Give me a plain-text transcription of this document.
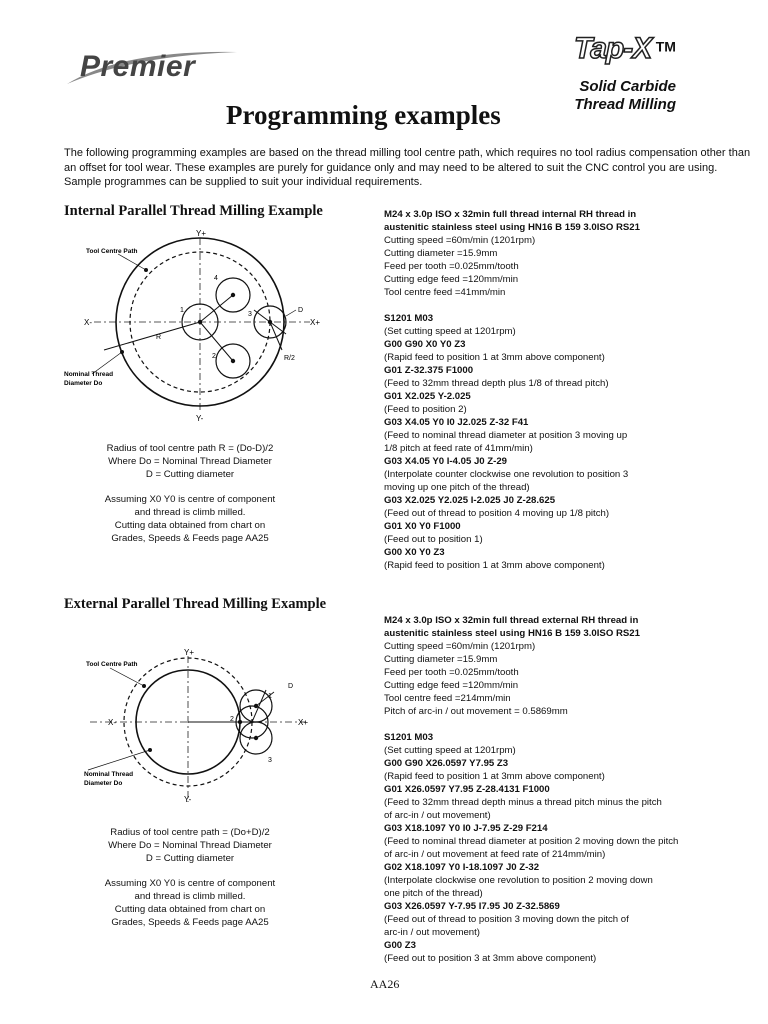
Premier
Tap-X ™
Solid Carbide
Thread Milling
Programming examples
The following programming examples are based on the thread milling tool centre path, which requires no tool radius compensation other than an offset for tool wear. These examples are purely for guidance only and may need to be altered to suit the CNC control you are using. Sample programmes can be supplied to suit your individual requirements.
Internal Parallel Thread Milling Example
Y+
Y-
X-	X+
Tool Centre Path
Nominal Thread
Diameter Do
R
R/2
D
1
2
3
4
Radius of tool centre path R = (Do-D)/2
Where Do = Nominal Thread Diameter
D = Cutting diameter
Assuming X0 Y0 is centre of component
and thread is climb milled.
Cutting data obtained from chart on
Grades, Speeds & Feeds page AA25
M24 x 3.0p ISO x 32min full thread internal RH thread in
austenitic stainless steel using HN16 B 159 3.0ISO RS21
Cutting speed =60m/min (1201rpm)
Cutting diameter =15.9mm
Feed per tooth =0.025mm/tooth
Cutting edge feed =120mm/min
Tool centre feed =41mm/min
S1201 M03
(Set cutting speed at 1201rpm)
G00 G90 X0 Y0 Z3
(Rapid feed to position 1 at 3mm above component)
G01 Z-32.375 F1000
(Feed to 32mm thread depth plus 1/8 of thread pitch)
G01 X2.025 Y-2.025
(Feed to position 2)
G03 X4.05 Y0 I0 J2.025 Z-32 F41
(Feed to nominal thread diameter at position 3 moving up
1/8 pitch at feed rate of 41mm/min)
G03 X4.05 Y0 I-4.05 J0 Z-29
(Interpolate counter clockwise one revolution to position 3
moving up one pitch of the thread)
G03 X2.025 Y2.025 I-2.025 J0 Z-28.625
(Feed out of thread to position 4 moving up 1/8 pitch)
G01 X0 Y0 F1000
(Feed out to position 1)
G00 X0 Y0 Z3
(Rapid feed to position 1 at 3mm above component)
External Parallel Thread Milling Example
Y+
Y-
X-	X+
Tool Centre Path
Nominal Thread
Diameter Do
D
1
2
3
Radius of tool centre path = (Do+D)/2
Where Do = Nominal Thread Diameter
D = Cutting diameter
Assuming X0 Y0 is centre of component
and thread is climb milled.
Cutting data obtained from chart on
Grades, Speeds & Feeds page AA25
M24 x 3.0p ISO x 32min full thread external RH thread in
austenitic stainless steel using HN16 B 159 3.0ISO RS21
Cutting speed =60m/min (1201rpm)
Cutting diameter =15.9mm
Feed per tooth =0.025mm/tooth
Cutting edge feed =120mm/min
Tool centre feed =214mm/min
Pitch of arc-in / out movement = 0.5869mm
S1201 M03
(Set cutting speed at 1201rpm)
G00 G90 X26.0597 Y7.95 Z3
(Rapid feed to position 1 at 3mm above component)
G01 X26.0597 Y7.95 Z-28.4131 F1000
(Feed to 32mm thread depth minus a thread pitch minus the pitch
of arc-in / out movement)
G03 X18.1097 Y0 I0 J-7.95 Z-29 F214
(Feed to nominal thread diameter at position 2 moving down the pitch
of arc-in / out movement at feed rate of 214mm/min)
G02 X18.1097 Y0 I-18.1097 J0 Z-32
(Interpolate clockwise one revolution to position 2 moving down
one pitch of the thread)
G03 X26.0597 Y-7.95 I7.95 J0 Z-32.5869
(Feed out of thread to position 3 moving down the pitch of
arc-in / out movement)
G00 Z3
(Feed out to position 3 at 3mm above component)
AA26
